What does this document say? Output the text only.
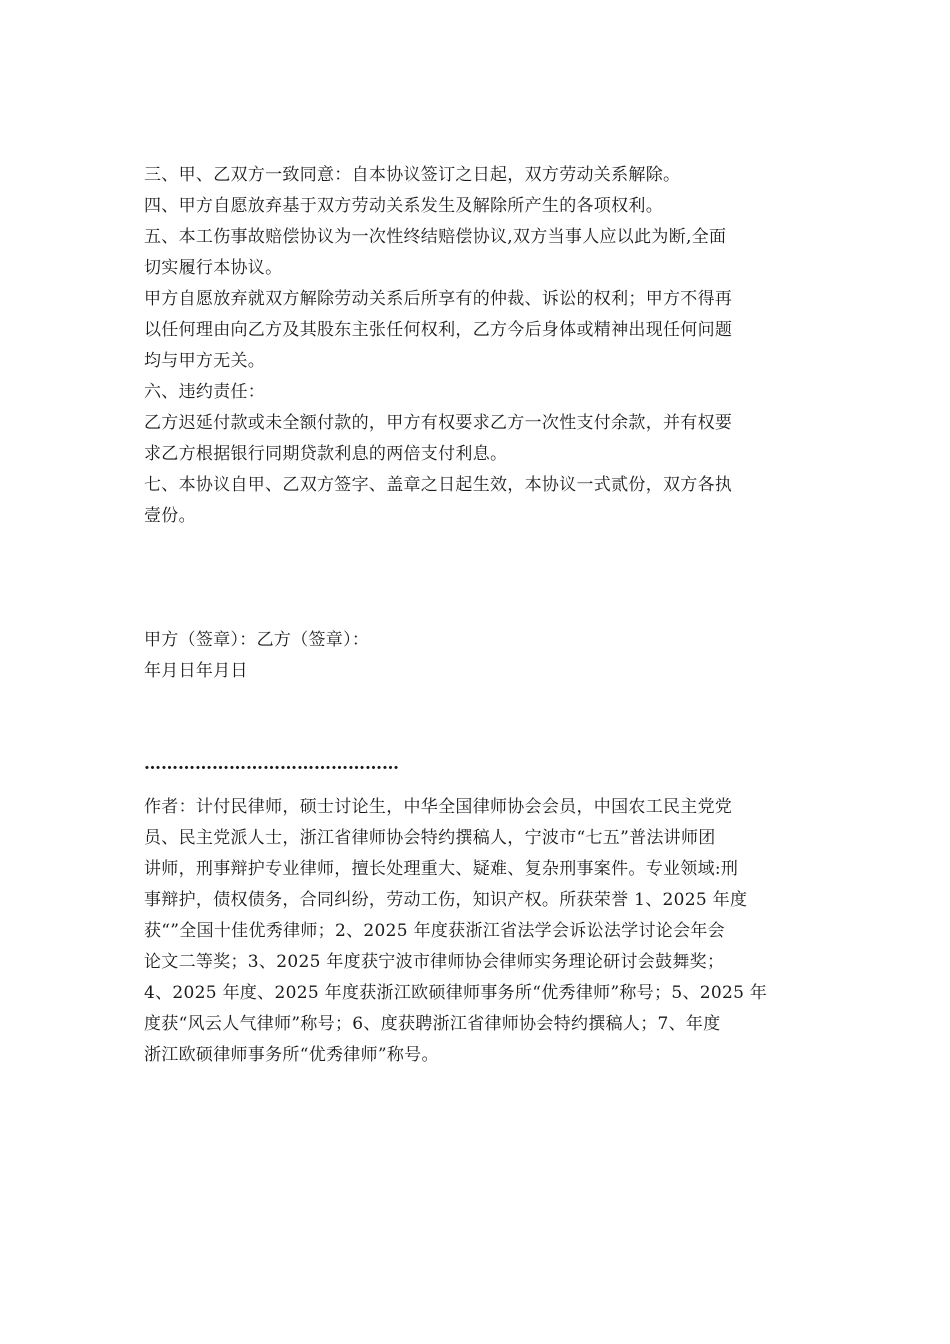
三、甲、乙双方一致同意：自本协议签订之日起，双方劳动关系解除。
四、甲方自愿放弃基于双方劳动关系发生及解除所产生的各项权利。
五、本工伤事故赔偿协议为一次性终结赔偿协议,双方当事人应以此为断,全面
切实履行本协议。
甲方自愿放弃就双方解除劳动关系后所享有的仲裁、诉讼的权利；甲方不得再
以任何理由向乙方及其股东主张任何权利，乙方今后身体或精神出现任何问题
均与甲方无关。
六、违约责任：
乙方迟延付款或未全额付款的，甲方有权要求乙方一次性支付余款，并有权要
求乙方根据银行同期贷款利息的两倍支付利息。
七、本协议自甲、乙双方签字、盖章之日起生效，本协议一式贰份，双方各执
壹份。
甲方（签章）：乙方（签章）：
年月日年月日
………………………………………
作者：计付民律师，硕士讨论生，中华全国律师协会会员，中国农工民主党党
员、民主党派人士，浙江省律师协会特约撰稿人，宁波市“七五”普法讲师团
讲师，刑事辩护专业律师，擅长处理重大、疑难、复杂刑事案件。专业领域:刑
事辩护，债权债务，合同纠纷，劳动工伤，知识产权。所获荣誉 1、2025 年度
获“”全国十佳优秀律师；2、2025 年度获浙江省法学会诉讼法学讨论会年会
论文二等奖；3、2025 年度获宁波市律师协会律师实务理论研讨会鼓舞奖；
4、2025 年度、2025 年度获浙江欧硕律师事务所“优秀律师”称号；5、2025 年
度获“风云人气律师”称号；6、度获聘浙江省律师协会特约撰稿人；7、年度
浙江欧硕律师事务所“优秀律师”称号。
